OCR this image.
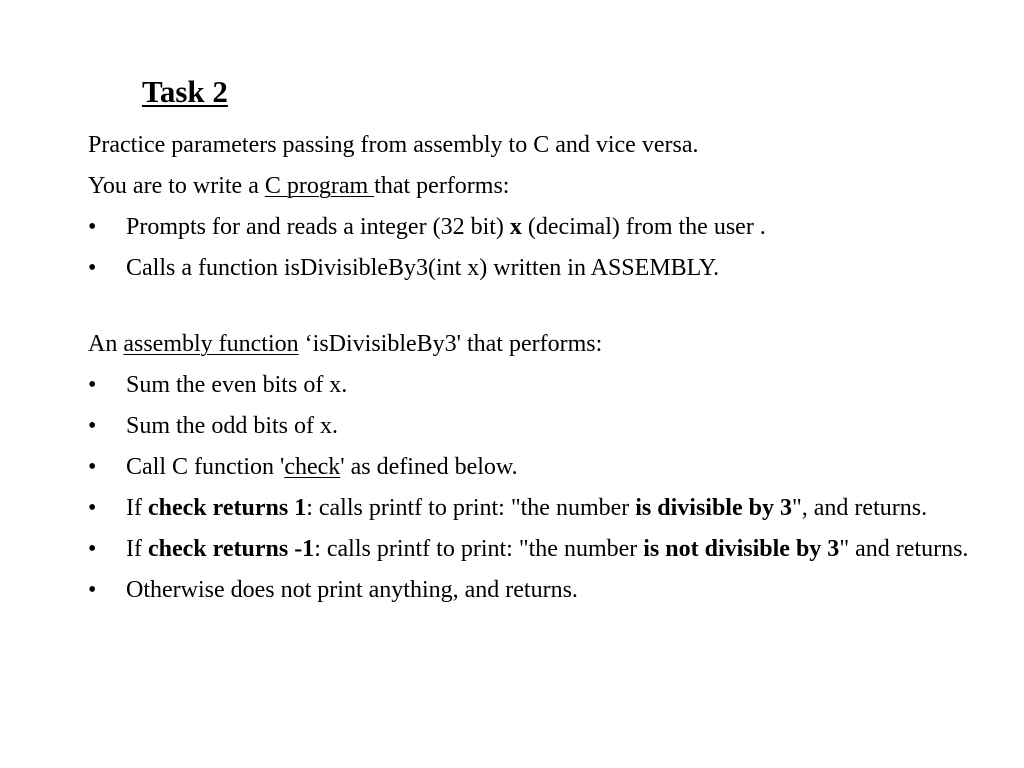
Task 2

Practice parameters passing from assembly to C and vice versa.

You are to write a C program that performs:

• Prompts for and reads a integer (32 bit) x (decimal) from the user .
• Calls a function isDivisibleBy3(int x) written in ASSEMBLY.

An assembly function ‘isDivisibleBy3' that performs:

• Sum the even bits of x.
• Sum the odd bits of x.
• Call C function 'check' as defined below.
• If check returns 1: calls printf to print: "the number is divisible by 3", and returns.
• If check returns -1: calls printf to print: "the number is not divisible by 3" and returns.
• Otherwise does not print anything, and returns.
